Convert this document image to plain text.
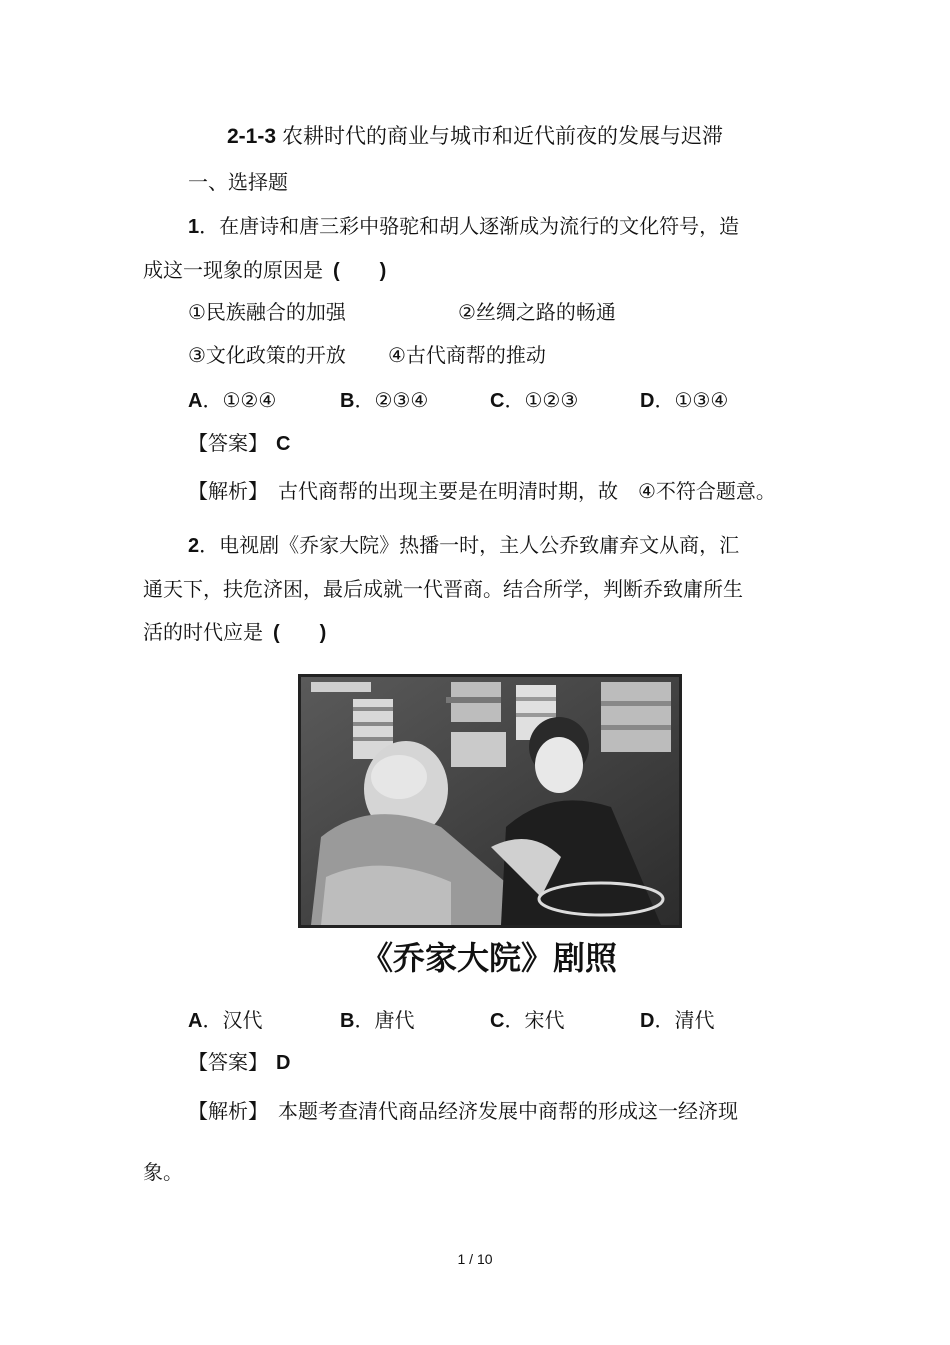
2-1-3 农耕时代的商业与城市和近代前夜的发展与迟滞
一、选择题
1．在唐诗和唐三彩中骆驼和胡人逐渐成为流行的文化符号，造
成这一现象的原因是 (　　)
①民族融合的加强	②丝绸之路的畅通
③文化政策的开放 ④古代商帮的推动
A．①②④	B．②③④	C．①②③	D．①③④
【答案】 C
【解析】 古代商帮的出现主要是在明清时期，故　④不符合题意。
2．电视剧《乔家大院》热播一时，主人公乔致庸弃文从商，汇
通天下，扶危济困，最后成就一代晋商。结合所学，判断乔致庸所生
活的时代应是 (　　)
《乔家大院》剧照
A．汉代	B．唐代	C．宋代	D．清代
【答案】 D
【解析】 本题考查清代商品经济发展中商帮的形成这一经济现
象。
1 / 10
